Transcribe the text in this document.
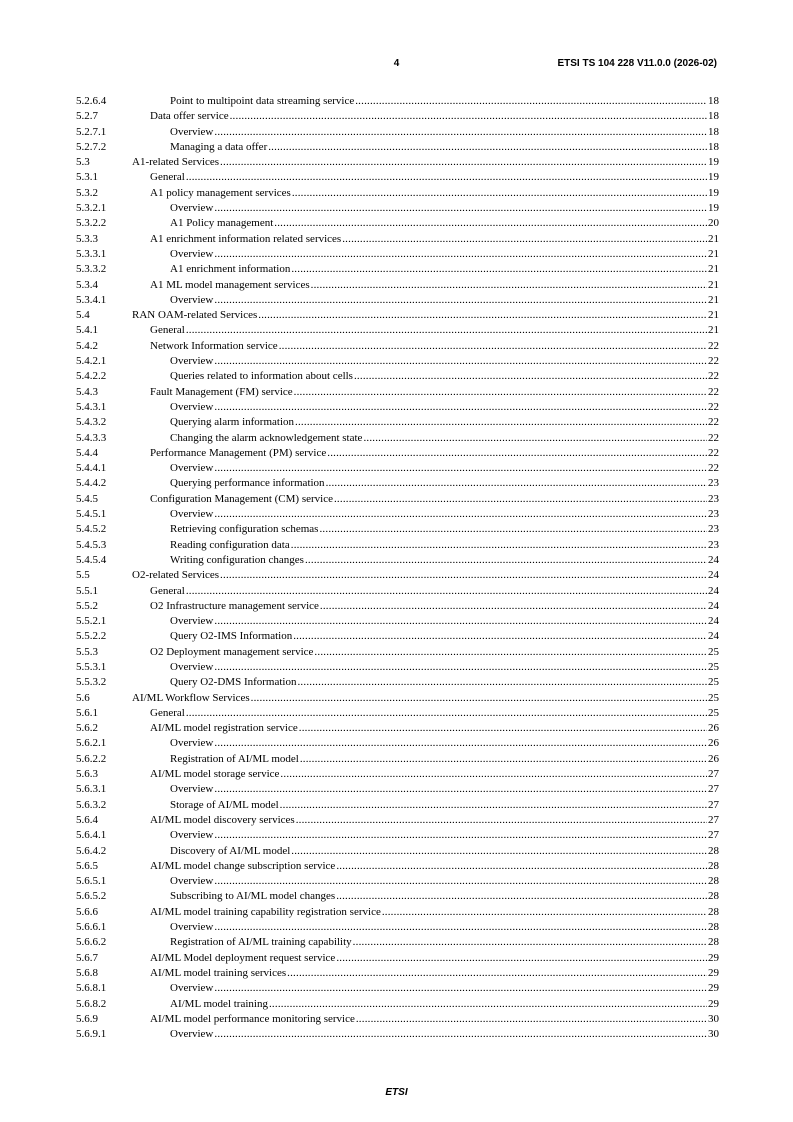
4	ETSI TS 104 228 V11.0.0 (2026-02)
5.2.6.4	Point to multipoint data streaming service .....	18
5.2.7	Data offer service .....	18
5.2.7.1	Overview .....	18
5.2.7.2	Managing a data offer .....	18
5.3	A1-related Services .....	19
5.3.1	General .....	19
5.3.2	A1 policy management services .....	19
5.3.2.1	Overview .....	19
5.3.2.2	A1 Policy management .....	20
5.3.3	A1 enrichment information related services .....	21
5.3.3.1	Overview .....	21
5.3.3.2	A1 enrichment information .....	21
5.3.4	A1 ML model management services .....	21
5.3.4.1	Overview .....	21
5.4	RAN OAM-related Services .....	21
5.4.1	General .....	21
5.4.2	Network Information service .....	22
5.4.2.1	Overview .....	22
5.4.2.2	Queries related to information about cells .....	22
5.4.3	Fault Management (FM) service .....	22
5.4.3.1	Overview .....	22
5.4.3.2	Querying alarm information .....	22
5.4.3.3	Changing the alarm acknowledgement state .....	22
5.4.4	Performance Management (PM) service .....	22
5.4.4.1	Overview .....	22
5.4.4.2	Querying performance information .....	23
5.4.5	Configuration Management (CM) service .....	23
5.4.5.1	Overview .....	23
5.4.5.2	Retrieving configuration schemas .....	23
5.4.5.3	Reading configuration data .....	23
5.4.5.4	Writing configuration changes .....	24
5.5	O2-related Services .....	24
5.5.1	General .....	24
5.5.2	O2 Infrastructure management service .....	24
5.5.2.1	Overview .....	24
5.5.2.2	Query O2-IMS Information .....	24
5.5.3	O2 Deployment management service .....	25
5.5.3.1	Overview .....	25
5.5.3.2	Query O2-DMS Information .....	25
5.6	AI/ML Workflow Services .....	25
5.6.1	General .....	25
5.6.2	AI/ML model registration service .....	26
5.6.2.1	Overview .....	26
5.6.2.2	Registration of AI/ML model .....	26
5.6.3	AI/ML model storage service .....	27
5.6.3.1	Overview .....	27
5.6.3.2	Storage of AI/ML model .....	27
5.6.4	AI/ML model discovery services .....	27
5.6.4.1	Overview .....	27
5.6.4.2	Discovery of AI/ML model .....	28
5.6.5	AI/ML model change subscription service .....	28
5.6.5.1	Overview .....	28
5.6.5.2	Subscribing to AI/ML model changes .....	28
5.6.6	AI/ML model training capability registration service .....	28
5.6.6.1	Overview .....	28
5.6.6.2	Registration of AI/ML training capability .....	28
5.6.7	AI/ML Model deployment request service .....	29
5.6.8	AI/ML model training services .....	29
5.6.8.1	Overview .....	29
5.6.8.2	AI/ML model training .....	29
5.6.9	AI/ML model performance monitoring service .....	30
5.6.9.1	Overview .....	30
ETSI
